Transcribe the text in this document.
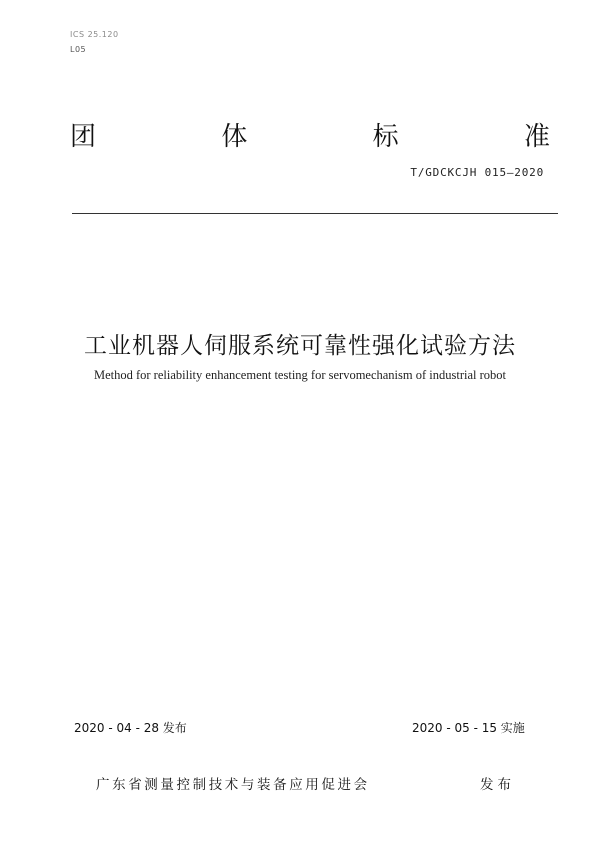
ICS 25.120
L05
团	体	标	准
T/GDCKCJH 015—2020
工业机器人伺服系统可靠性强化试验方法
Method for reliability enhancement testing for servomechanism of industrial robot
2020 - 04 - 28 发布	2020 - 05 - 15 实施
广东省测量控制技术与装备应用促进会	发布
